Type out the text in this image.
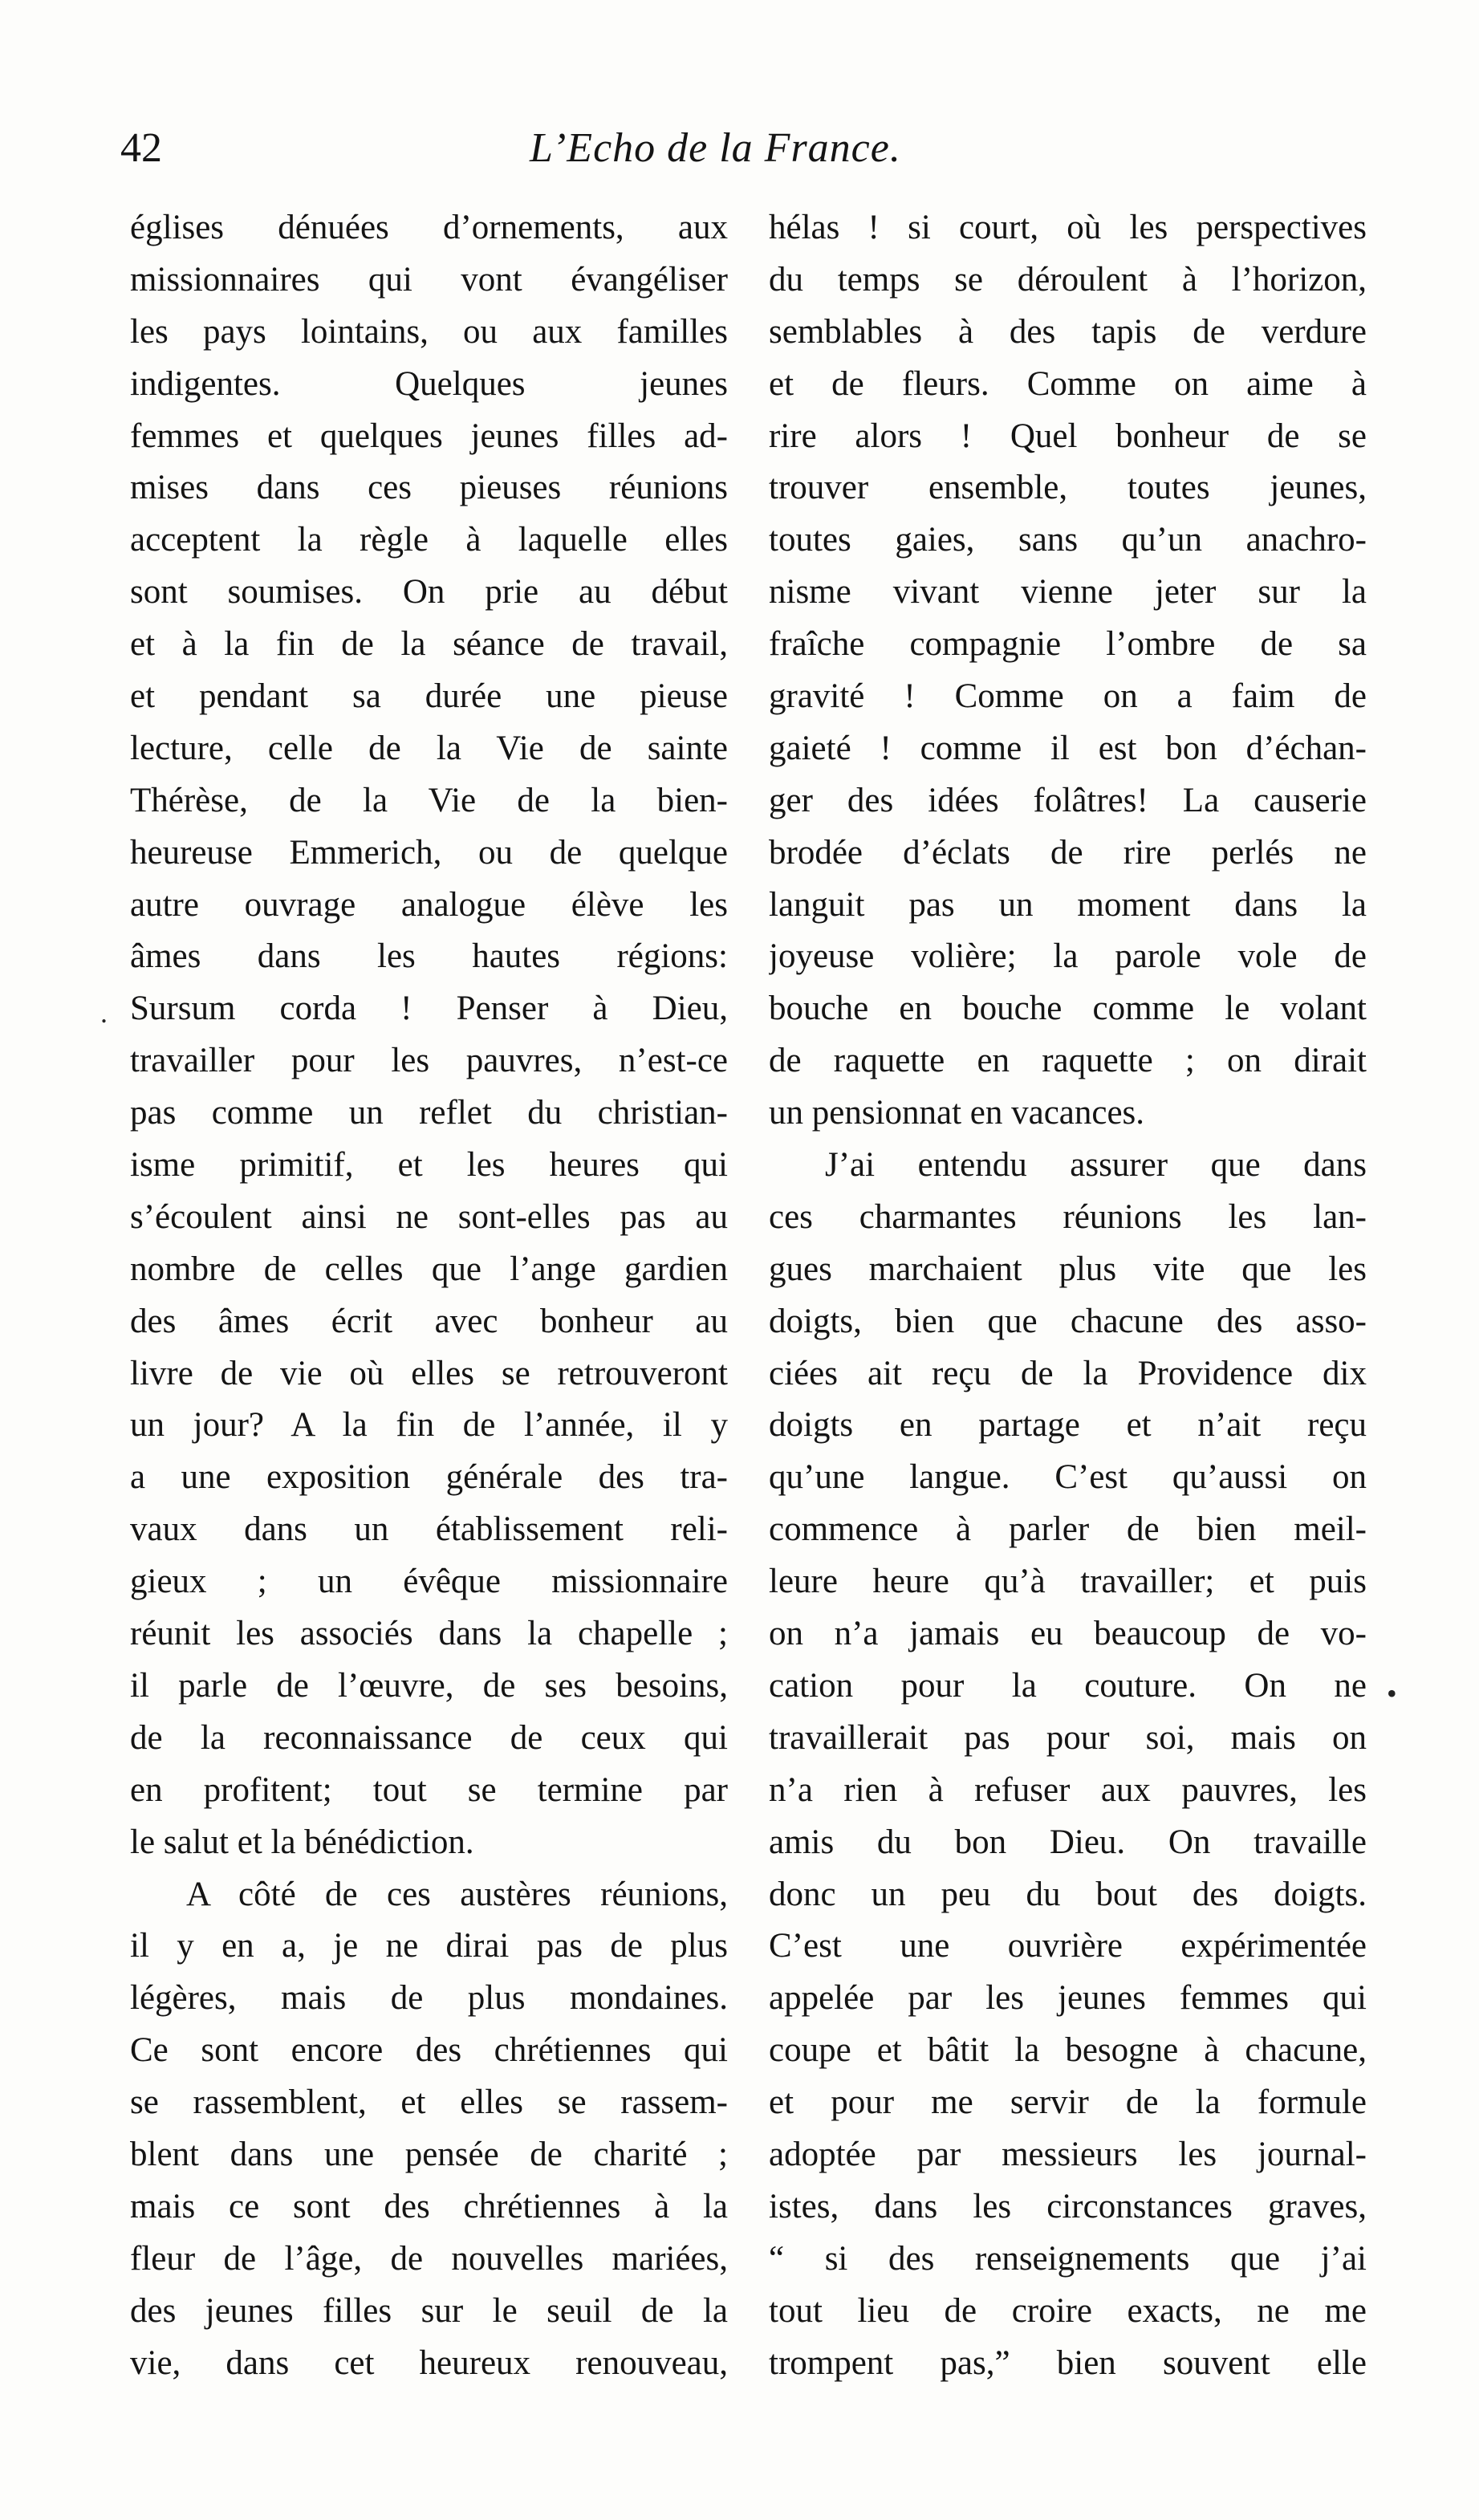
42	L’Echo de la France.
églises dénuées d’ornements, aux
missionnaires qui vont évangéliser
les pays lointains, ou aux familles
indigentes. Quelques jeunes
femmes et quelques jeunes filles ad-
mises dans ces pieuses réunions
acceptent la règle à laquelle elles
sont soumises. On prie au début
et à la fin de la séance de travail,
et pendant sa durée une pieuse
lecture, celle de la Vie de sainte
Thérèse, de la Vie de la bien-
heureuse Emmerich, ou de quelque
autre ouvrage analogue élève les
âmes dans les hautes régions:
Sursum corda ! Penser à Dieu,
travailler pour les pauvres, n’est-ce
pas comme un reflet du christian-
isme primitif, et les heures qui
s’écoulent ainsi ne sont-elles pas au
nombre de celles que l’ange gardien
des âmes écrit avec bonheur au
livre de vie où elles se retrouveront
un jour? A la fin de l’année, il y
a une exposition générale des tra-
vaux dans un établissement reli-
gieux ; un évêque missionnaire
réunit les associés dans la chapelle ;
il parle de l’œuvre, de ses besoins,
de la reconnaissance de ceux qui
en profitent; tout se termine par
le salut et la bénédiction.
A côté de ces austères réunions,
il y en a, je ne dirai pas de plus
légères, mais de plus mondaines.
Ce sont encore des chrétiennes qui
se rassemblent, et elles se rassem-
blent dans une pensée de charité ;
mais ce sont des chrétiennes à la
fleur de l’âge, de nouvelles mariées,
des jeunes filles sur le seuil de la
vie, dans cet heureux renouveau,
hélas ! si court, où les perspectives
du temps se déroulent à l’horizon,
semblables à des tapis de verdure
et de fleurs. Comme on aime à
rire alors ! Quel bonheur de se
trouver ensemble, toutes jeunes,
toutes gaies, sans qu’un anachro-
nisme vivant vienne jeter sur la
fraîche compagnie l’ombre de sa
gravité ! Comme on a faim de
gaieté ! comme il est bon d’échan-
ger des idées folâtres! La causerie
brodée d’éclats de rire perlés ne
languit pas un moment dans la
joyeuse volière; la parole vole de
bouche en bouche comme le volant
de raquette en raquette ; on dirait
un pensionnat en vacances.
J’ai entendu assurer que dans
ces charmantes réunions les lan-
gues marchaient plus vite que les
doigts, bien que chacune des asso-
ciées ait reçu de la Providence dix
doigts en partage et n’ait reçu
qu’une langue. C’est qu’aussi on
commence à parler de bien meil-
leure heure qu’à travailler; et puis
on n’a jamais eu beaucoup de vo-
cation pour la couture. On ne
travaillerait pas pour soi, mais on
n’a rien à refuser aux pauvres, les
amis du bon Dieu. On travaille
donc un peu du bout des doigts.
C’est une ouvrière expérimentée
appelée par les jeunes femmes qui
coupe et bâtit la besogne à chacune,
et pour me servir de la formule
adoptée par messieurs les journal-
istes, dans les circonstances graves,
“ si des renseignements que j’ai
tout lieu de croire exacts, ne me
trompent pas,” bien souvent elle
.
•
